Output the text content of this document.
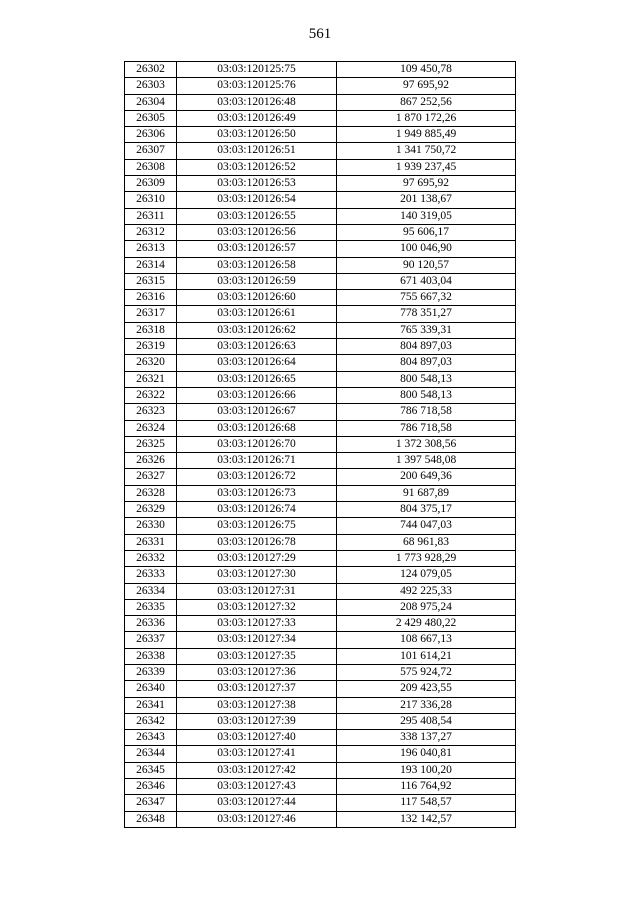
561
26302	03:03:120125:75	109 450,78
26303	03:03:120125:76	97 695,92
26304	03:03:120126:48	867 252,56
26305	03:03:120126:49	1 870 172,26
26306	03:03:120126:50	1 949 885,49
26307	03:03:120126:51	1 341 750,72
26308	03:03:120126:52	1 939 237,45
26309	03:03:120126:53	97 695,92
26310	03:03:120126:54	201 138,67
26311	03:03:120126:55	140 319,05
26312	03:03:120126:56	95 606,17
26313	03:03:120126:57	100 046,90
26314	03:03:120126:58	90 120,57
26315	03:03:120126:59	671 403,04
26316	03:03:120126:60	755 667,32
26317	03:03:120126:61	778 351,27
26318	03:03:120126:62	765 339,31
26319	03:03:120126:63	804 897,03
26320	03:03:120126:64	804 897,03
26321	03:03:120126:65	800 548,13
26322	03:03:120126:66	800 548,13
26323	03:03:120126:67	786 718,58
26324	03:03:120126:68	786 718,58
26325	03:03:120126:70	1 372 308,56
26326	03:03:120126:71	1 397 548,08
26327	03:03:120126:72	200 649,36
26328	03:03:120126:73	91 687,89
26329	03:03:120126:74	804 375,17
26330	03:03:120126:75	744 047,03
26331	03:03:120126:78	68 961,83
26332	03:03:120127:29	1 773 928,29
26333	03:03:120127:30	124 079,05
26334	03:03:120127:31	492 225,33
26335	03:03:120127:32	208 975,24
26336	03:03:120127:33	2 429 480,22
26337	03:03:120127:34	108 667,13
26338	03:03:120127:35	101 614,21
26339	03:03:120127:36	575 924,72
26340	03:03:120127:37	209 423,55
26341	03:03:120127:38	217 336,28
26342	03:03:120127:39	295 408,54
26343	03:03:120127:40	338 137,27
26344	03:03:120127:41	196 040,81
26345	03:03:120127:42	193 100,20
26346	03:03:120127:43	116 764,92
26347	03:03:120127:44	117 548,57
26348	03:03:120127:46	132 142,57
